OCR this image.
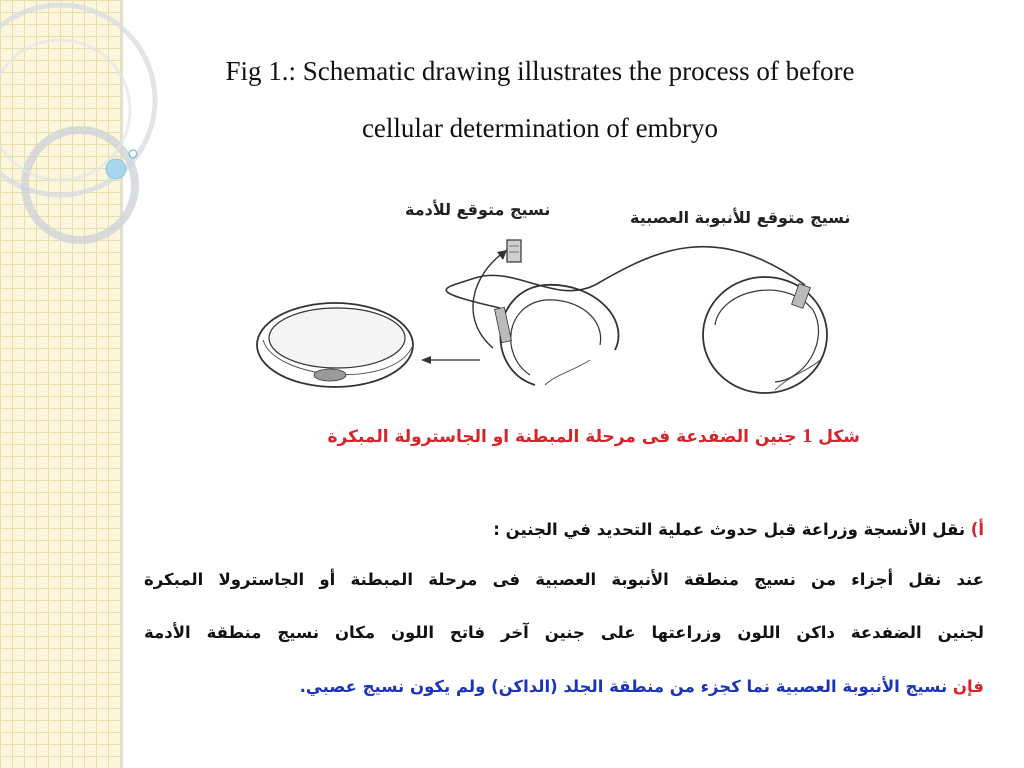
Fig 1.: Schematic drawing illustrates the process of before
cellular determination of embryo
نسيج متوقع للأدمة	نسيج متوقع للأنبوبة العصبية
شكل 1 جنين الضفدعة فى مرحلة المبطنة او الجاسترولة المبكرة
أ) نقل الأنسجة وزراعة قبل حدوث عملية التحديد في الجنين :
عند نقل أجزاء من نسيج منطقة الأنبوبة العصبية فى مرحلة المبطنة أو الجاسترولا المبكرة
لجنين الضفدعة داكن اللون وزراعتها على جنين آخر فاتح اللون مكان نسيج منطقة الأدمة
فإن نسيج الأنبوبة العصبية نما كجزء من منطقة الجلد (الداكن) ولم يكون نسيج عصبي.
